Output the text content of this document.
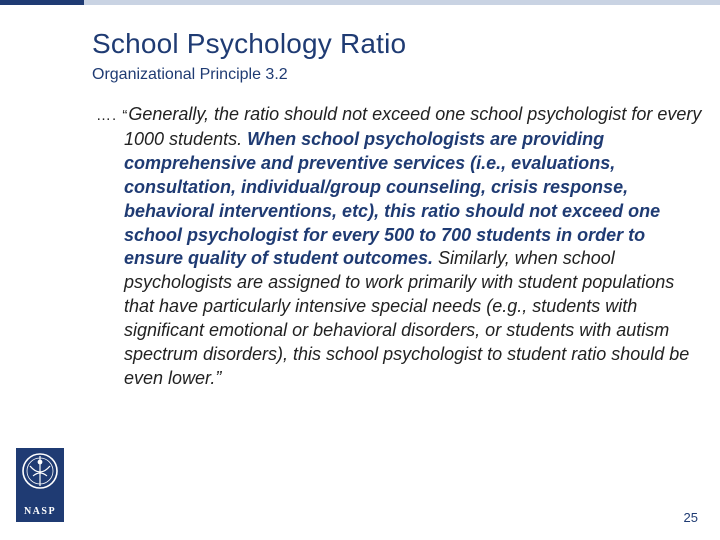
School Psychology Ratio

Organizational Principle 3.2

…. “Generally, the ratio should not exceed one school psychologist for every 1000 students. When school psychologists are providing comprehensive and preventive services (i.e., evaluations, consultation, individual/group counseling, crisis response, behavioral interventions, etc), this ratio should not exceed one school psychologist for every 500 to 700 students in order to ensure quality of student outcomes. Similarly, when school psychologists are assigned to work primarily with student populations that have particularly intensive special needs (e.g., students with significant emotional or behavioral disorders, or students with autism spectrum disorders), this school psychologist to student ratio should be even lower.”

NASP	25
